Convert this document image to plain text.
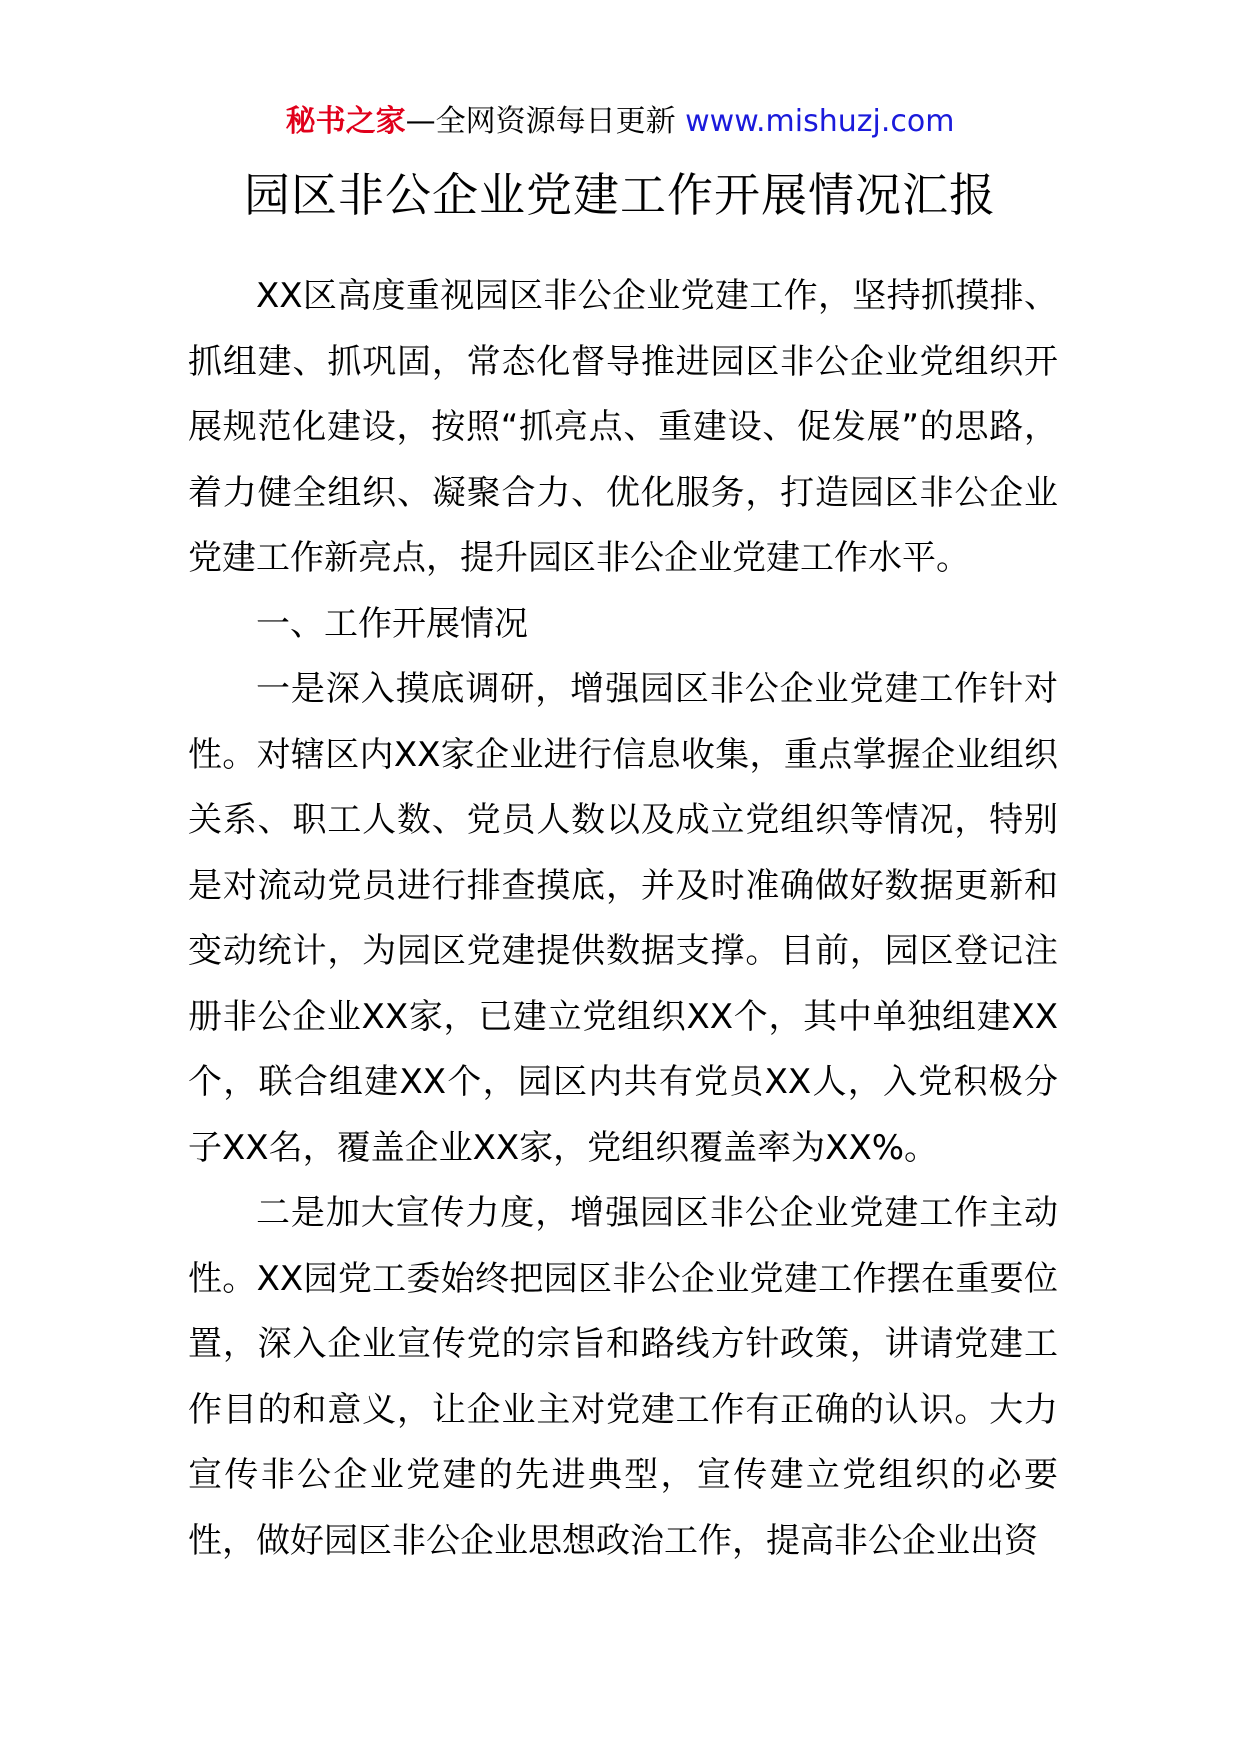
秘书之家—全网资源每日更新 www.mishuzj.com
园区非公企业党建工作开展情况汇报

XX区高度重视园区非公企业党建工作，坚持抓摸排、抓组建、抓巩固，常态化督导推进园区非公企业党组织开展规范化建设，按照“抓亮点、重建设、促发展”的思路，着力健全组织、凝聚合力、优化服务，打造园区非公企业党建工作新亮点，提升园区非公企业党建工作水平。

一、工作开展情况

一是深入摸底调研，增强园区非公企业党建工作针对性。对辖区内XX家企业进行信息收集，重点掌握企业组织关系、职工人数、党员人数以及成立党组织等情况，特别是对流动党员进行排查摸底，并及时准确做好数据更新和变动统计，为园区党建提供数据支撑。目前，园区登记注册非公企业XX家，已建立党组织XX个，其中单独组建XX个，联合组建XX个，园区内共有党员XX人，入党积极分子XX名，覆盖企业XX家，党组织覆盖率为XX%。

二是加大宣传力度，增强园区非公企业党建工作主动性。XX园党工委始终把园区非公企业党建工作摆在重要位置，深入企业宣传党的宗旨和路线方针政策，讲请党建工作目的和意义，让企业主对党建工作有正确的认识。大力宣传非公企业党建的先进典型，宣传建立党组织的必要性，做好园区非公企业思想政治工作，提高非公企业出资
